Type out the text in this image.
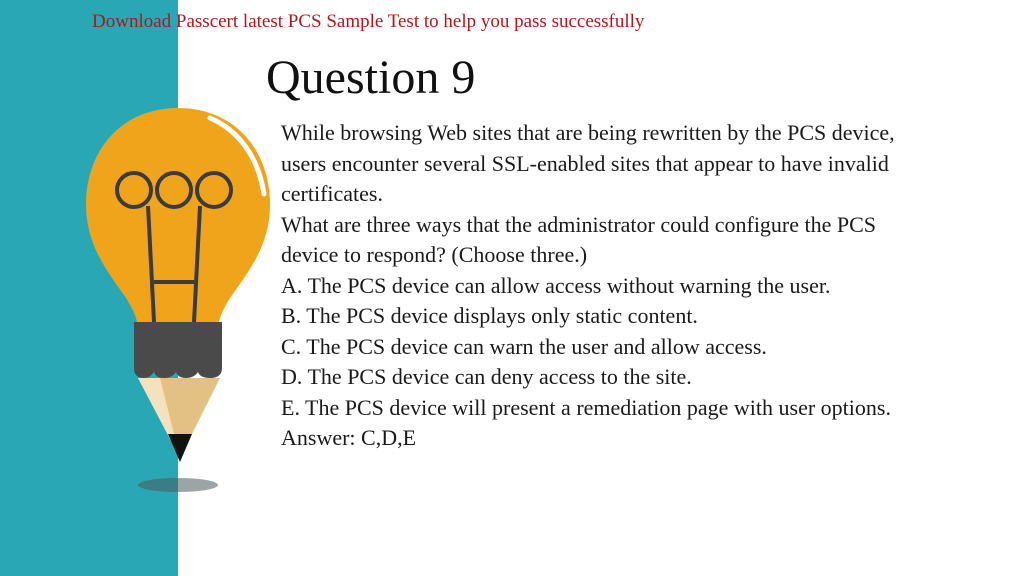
Download Passcert latest PCS Sample Test to help you pass successfully
Question 9

While browsing Web sites that are being rewritten by the PCS device,

users encounter several SSL-enabled sites that appear to have invalid

certificates.

What are three ways that the administrator could configure the PCS

device to respond? (Choose three.)

A. The PCS device can allow access without warning the user.

B. The PCS device displays only static content.

C. The PCS device can warn the user and allow access.

D. The PCS device can deny access to the site.

E. The PCS device will present a remediation page with user options.

Answer: C,D,E
